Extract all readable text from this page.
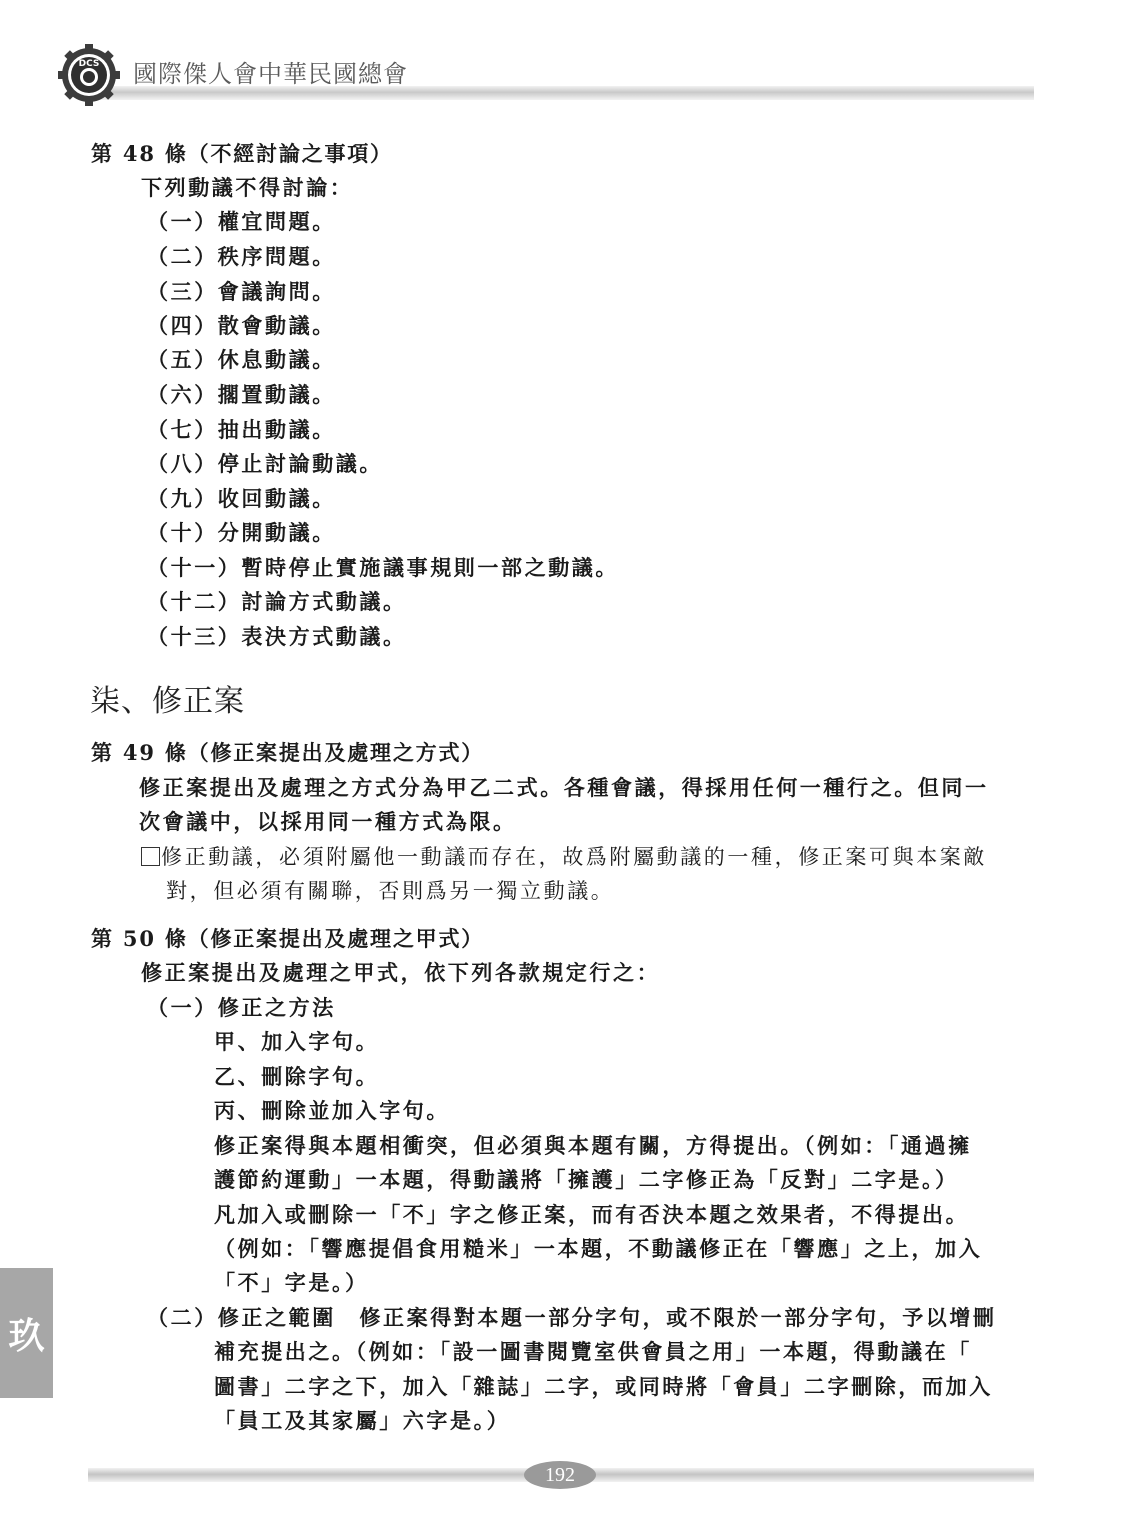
DCS 國際傑人會中華民國總會
第 48 條（不經討論之事項）
下列動議不得討論：
（一）權宜問題。
（二）秩序問題。
（三）會議詢問。
（四）散會動議。
（五）休息動議。
（六）擱置動議。
（七）抽出動議。
（八）停止討論動議。
（九）收回動議。
（十）分開動議。
（十一）暫時停止實施議事規則一部之動議。
（十二）討論方式動議。
（十三）表決方式動議。
柒、修正案
第 49 條（修正案提出及處理之方式）
修正案提出及處理之方式分為甲乙二式。各種會議，得採用任何一種行之。但同一
次會議中，以採用同一種方式為限。
修正動議，必須附屬他一動議而存在，故爲附屬動議的一種，修正案可與本案敵
對，但必須有關聯，否則爲另一獨立動議。
第 50 條（修正案提出及處理之甲式）
修正案提出及處理之甲式，依下列各款規定行之：
（一）修正之方法
甲、加入字句。
乙、刪除字句。
丙、刪除並加入字句。
修正案得與本題相衝突，但必須與本題有關，方得提出。（例如：「通過擁
護節約運動」一本題，得動議將「擁護」二字修正為「反對」二字是。）
凡加入或刪除一「不」字之修正案，而有否決本題之效果者，不得提出。
（例如：「響應提倡食用糙米」一本題，不動議修正在「響應」之上，加入
「不」字是。）
（二）修正之範圍　修正案得對本題一部分字句，或不限於一部分字句，予以增刪
補充提出之。（例如：「設一圖書閱覽室供會員之用」一本題，得動議在「
圖書」二字之下，加入「雜誌」二字，或同時將「會員」二字刪除，而加入
「員工及其家屬」六字是。）
玖
192
